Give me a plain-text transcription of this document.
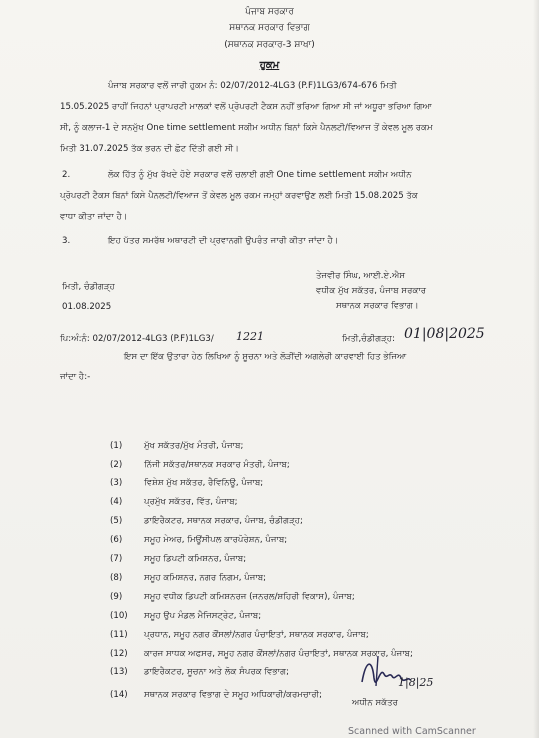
ਪੰਜਾਬ ਸਰਕਾਰ
ਸਥਾਨਕ ਸਰਕਾਰ ਵਿਭਾਗ
(ਸਥਾਨਕ ਸਰਕਾਰ-3 ਸ਼ਾਖਾ)
ਹੁਕਮ
ਪੰਜਾਬ ਸਰਕਾਰ ਵਲੋਂ ਜਾਰੀ ਹੁਕਮ ਨੰ: 02/07/2012-4LG3 (P.F)1LG3/674-676 ਮਿਤੀ
15.05.2025 ਰਾਹੀਂ ਜਿਹਨਾਂ ਪ੍ਰਾਪਰਟੀ ਮਾਲਕਾਂ ਵਲੋਂ ਪ੍ਰੋਪਰਟੀ ਟੈਕਸ ਨਹੀਂ ਭਰਿਆ ਗਿਆ ਸੀ ਜਾਂ ਅਧੂਰਾ ਭਰਿਆ ਗਿਆ
ਸੀ, ਨੂੰ ਕਲਾਜ-1 ਦੇ ਸਨਮੁੱਖ One time settlement ਸਕੀਮ ਅਧੀਨ ਬਿਨਾਂ ਕਿਸੇ ਪੈਨਲਟੀ/ਵਿਆਜ ਤੋਂ ਕੇਵਲ ਮੂਲ ਰਕਮ
ਮਿਤੀ 31.07.2025 ਤੱਕ ਭਰਨ ਦੀ ਛੋਟ ਦਿੱਤੀ ਗਈ ਸੀ।
2.	ਲੋਕ ਹਿੱਤ ਨੂੰ ਮੁੱਖ ਰੱਖਦੇ ਹੋਏ ਸਰਕਾਰ ਵਲੋਂ ਚਲਾਈ ਗਈ One time settlement ਸਕੀਮ ਅਧੀਨ
ਪ੍ਰੋਪਰਟੀ ਟੈਕਸ ਬਿਨਾਂ ਕਿਸੇ ਪੈਨਲਟੀ/ਵਿਆਜ ਤੋਂ ਕੇਵਲ ਮੂਲ ਰਕਮ ਜਮ੍ਹਾਂ ਕਰਵਾਉਣ ਲਈ ਮਿਤੀ 15.08.2025 ਤੱਕ
ਵਾਧਾ ਕੀਤਾ ਜਾਂਦਾ ਹੈ।
3.	ਇਹ ਪੱਤਰ ਸਮਰੱਥ ਅਥਾਰਟੀ ਦੀ ਪ੍ਰਵਾਨਗੀ ਉਪਰੰਤ ਜਾਰੀ ਕੀਤਾ ਜਾਂਦਾ ਹੈ।
ਮਿਤੀ, ਚੰਡੀਗੜ੍ਹ
01.08.2025
ਤੇਜਵੀਰ ਸਿੰਘ, ਆਈ.ਏ.ਐਸ
ਵਧੀਕ ਮੁੱਖ ਸਕੱਤਰ, ਪੰਜਾਬ ਸਰਕਾਰ
ਸਥਾਨਕ ਸਰਕਾਰ ਵਿਭਾਗ।
ਪਿ:ਅੰ:ਨੰ: 02/07/2012-4LG3 (P.F)1LG3/ 1221	ਮਿਤੀ,ਚੰਡੀਗੜ੍ਹ: 01|08|2025
ਇਸ ਦਾ ਇੱਕ ਉਤਾਰਾ ਹੇਠ ਲਿਖਿਆ ਨੂੰ ਸੂਚਨਾ ਅਤੇ ਲੋੜੀਂਦੀ ਅਗਲੇਰੀ ਕਾਰਵਾਈ ਹਿਤ ਭੇਜਿਆ
ਜਾਂਦਾ ਹੈ:-
(1)	ਮੁੱਖ ਸਕੱਤਰ/ਮੁੱਖ ਮੰਤਰੀ, ਪੰਜਾਬ;
(2)	ਨਿੱਜੀ ਸਕੱਤਰ/ਸਥਾਨਕ ਸਰਕਾਰ ਮੰਤਰੀ, ਪੰਜਾਬ;
(3)	ਵਿਸ਼ੇਸ਼ ਮੁੱਖ ਸਕੱਤਰ, ਰੈਵਿਨਿਊ, ਪੰਜਾਬ;
(4)	ਪ੍ਰਮੁੱਖ ਸਕੱਤਰ, ਵਿੱਤ, ਪੰਜਾਬ;
(5)	ਡਾਇਰੈਕਟਰ, ਸਥਾਨਕ ਸਰਕਾਰ, ਪੰਜਾਬ, ਚੰਡੀਗੜ੍ਹ;
(6)	ਸਮੂਹ ਮੇਅਰ, ਮਿਊਂਸੀਪਲ ਕਾਰਪੋਰੇਸ਼ਨ, ਪੰਜਾਬ;
(7)	ਸਮੂਹ ਡਿਪਟੀ ਕਮਿਸ਼ਨਰ, ਪੰਜਾਬ;
(8)	ਸਮੂਹ ਕਮਿਸ਼ਨਰ, ਨਗਰ ਨਿਗਮ, ਪੰਜਾਬ;
(9)	ਸਮੂਹ ਵਧੀਕ ਡਿਪਟੀ ਕਮਿਸ਼ਨਰਜ (ਜਨਰਲ/ਸ਼ਹਿਰੀ ਵਿਕਾਸ), ਪੰਜਾਬ;
(10)	ਸਮੂਹ ਉਪ ਮੰਡਲ ਮੈਜਿਸਟ੍ਰੇਟ, ਪੰਜਾਬ;
(11)	ਪ੍ਰਧਾਨ, ਸਮੂਹ ਨਗਰ ਕੌਂਸਲਾਂ/ਨਗਰ ਪੰਚਾਇਤਾਂ, ਸਥਾਨਕ ਸਰਕਾਰ, ਪੰਜਾਬ;
(12)	ਕਾਰਜ ਸਾਧਕ ਅਫਸਰ, ਸਮੂਹ ਨਗਰ ਕੌਂਸਲਾਂ/ਨਗਰ ਪੰਚਾਇਤਾਂ, ਸਥਾਨਕ ਸਰਕਾਰ, ਪੰਜਾਬ;
(13)	ਡਾਇਰੈਕਟਰ, ਸੂਚਨਾ ਅਤੇ ਲੋਕ ਸੰਪਰਕ ਵਿਭਾਗ;
(14)	ਸਥਾਨਕ ਸਰਕਾਰ ਵਿਭਾਗ ਦੇ ਸਮੂਹ ਅਧਿਕਾਰੀ/ਕਰਮਚਾਰੀ;
1|8|25
ਅਧੀਨ ਸਕੱਤਰ
Scanned with CamScanner
